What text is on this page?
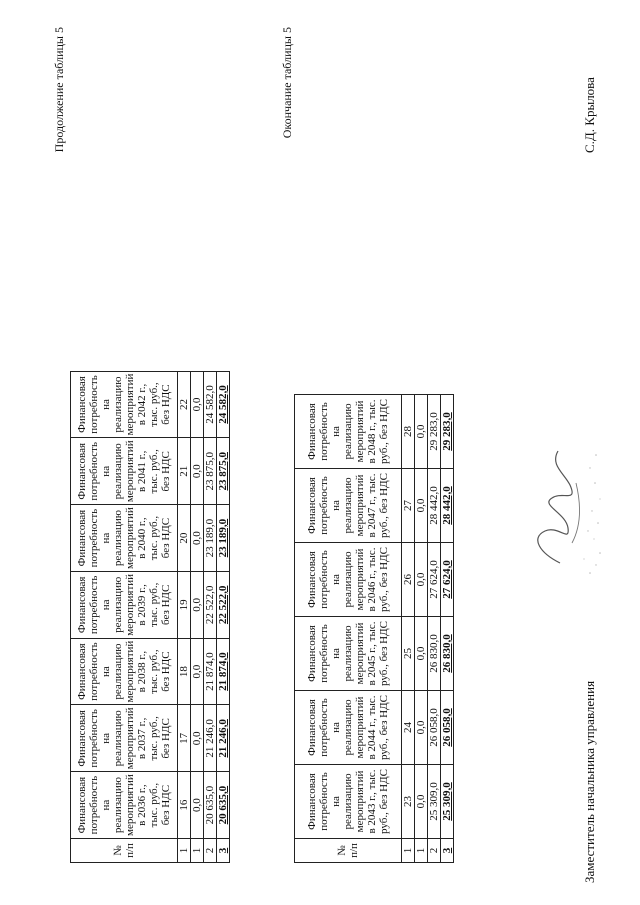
Продолжение таблицы 5	Окончание таблицы 5
№ п/п	Финансовая потребность на реализацию мероприятий в 2043 г., тыс. руб., без НДС	Финансовая потребность на реализацию мероприятий в 2044 г., тыс. руб., без НДС	Финансовая потребность на реализацию мероприятий в 2045 г., тыс. руб., без НДС	Финансовая потребность на реализацию мероприятий в 2046 г., тыс. руб., без НДС	Финансовая потребность на реализацию мероприятий в 2047 г., тыс. руб., без НДС	Финансовая потребность на реализацию мероприятий в 2048 г., тыс. руб., без НДС
1	23	24	25	26	27	28
1	0,0	0,0	0,0	0,0	0,0	0,0
2	25 309,0	26 058,0	26 830,0	27 624,0	28 442,0	29 283,0
3	25 309,0	26 058,0	26 830,0	27 624,0	28 442,0	29 283,0
№ п/п	Финансовая потребность на реализацию мероприятий в 2036 г., тыс. руб., без НДС	Финансовая потребность на реализацию мероприятий в 2037 г., тыс. руб., без НДС	Финансовая потребность на реализацию мероприятий в 2038 г., тыс. руб., без НДС	Финансовая потребность на реализацию мероприятий в 2039 г., тыс. руб., без НДС	Финансовая потребность на реализацию мероприятий в 2040 г., тыс. руб., без НДС	Финансовая потребность на реализацию мероприятий в 2041 г., тыс. руб., без НДС	Финансовая потребность на реализацию мероприятий в 2042 г., тыс. руб., без НДС
1	16	17	18	19	20	21	22
1	0,0	0,0	0,0	0,0	0,0	0,0	0,0
2	20 635,0	21 246,0	21 874,0	22 522,0	23 189,0	23 875,0	24 582,0
3	20 635,0	21 246,0	21 874,0	22 522,0	23 189,0	23 875,0	24 582,0
Заместитель начальника управления
С.Д. Крылова
